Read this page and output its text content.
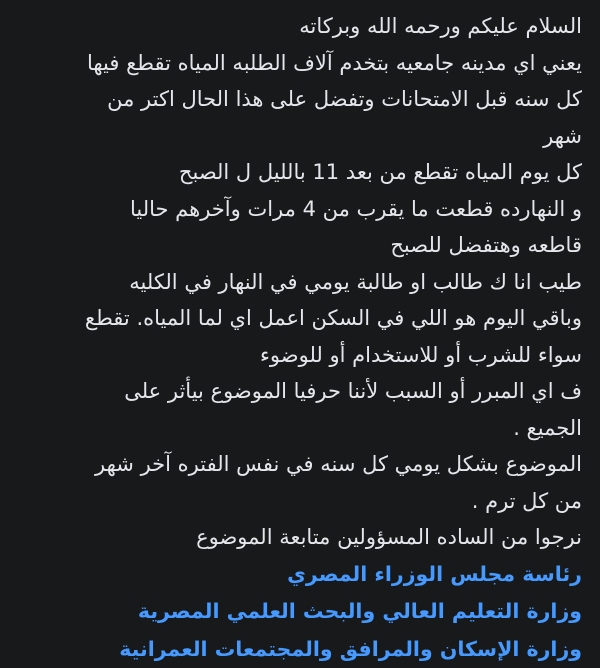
السلام عليكم ورحمه الله وبركاته
يعني اي مدينه جامعيه بتخدم آلاف الطلبه المياه تقطع فيها
كل سنه قبل الامتحانات وتفضل على هذا الحال اكتر من
شهر
كل يوم المياه تقطع من بعد 11 بالليل ل الصبح
و النهارده قطعت ما يقرب من 4 مرات وآخرهم حاليا
قاطعه وهتفضل للصبح
طيب انا ك طالب او طالبة يومي في النهار في الكليه
وباقي اليوم هو اللي في السكن اعمل اي لما المياه. تقطع
سواء للشرب أو للاستخدام أو للوضوء
ف اي المبرر أو السبب لأننا حرفيا الموضوع بيأثر على
الجميع .
الموضوع بشكل يومي كل سنه في نفس الفتره آخر شهر
من كل ترم .
نرجوا من الساده المسؤولين متابعة الموضوع
رئاسة مجلس الوزراء المصري
وزارة التعليم العالي والبحث العلمي المصرية
وزارة الإسكان والمرافق والمجتمعات العمرانية
